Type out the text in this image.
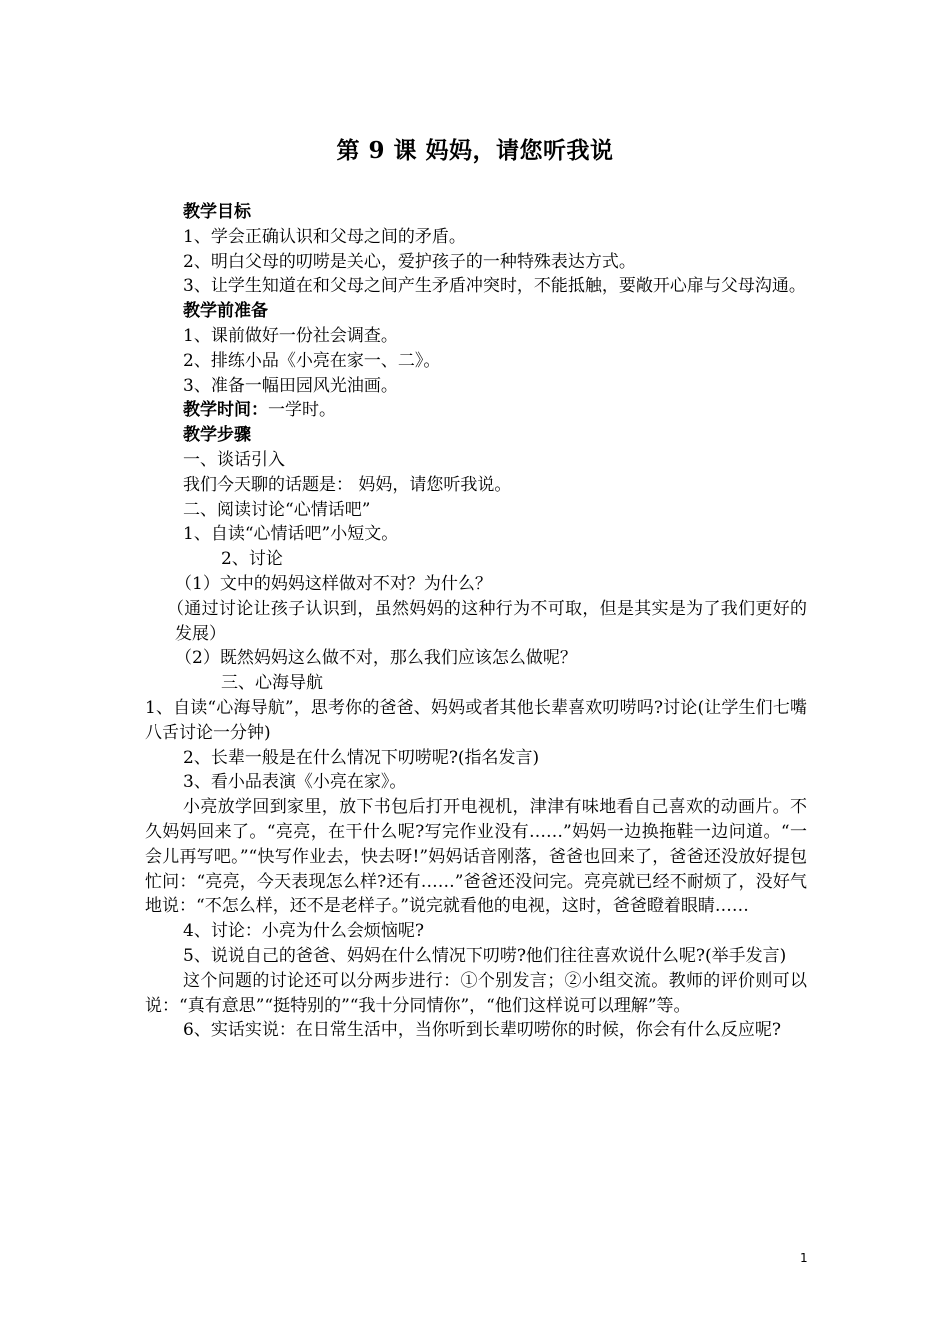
第 9 课 妈妈，请您听我说

教学目标

1、学会正确认识和父母之间的矛盾。

2、明白父母的叨唠是关心，爱护孩子的一种特殊表达方式。

3、让学生知道在和父母之间产生矛盾冲突时，不能抵触，要敞开心扉与父母沟通。

教学前准备

1、课前做好一份社会调查。

2、排练小品《小亮在家一、二》。

3、准备一幅田园风光油画。

教学时间：一学时。

教学步骤

一、谈话引入

我们今天聊的话题是： 妈妈，请您听我说。

二、阅读讨论“心情话吧”

1、自读“心情话吧”小短文。

2、讨论

（1）文中的妈妈这样做对不对？为什么？

（通过讨论让孩子认识到，虽然妈妈的这种行为不可取，但是其实是为了我们更好的发展）

（2）既然妈妈这么做不对，那么我们应该怎么做呢？

三、心海导航

1、自读“心海导航”，思考你的爸爸、妈妈或者其他长辈喜欢叨唠吗?讨论(让学生们七嘴八舌讨论一分钟)

2、长辈一般是在什么情况下叨唠呢?(指名发言)

3、看小品表演《小亮在家》。

小亮放学回到家里，放下书包后打开电视机，津津有味地看自己喜欢的动画片。不久妈妈回来了。“亮亮，在干什么呢?写完作业没有……”妈妈一边换拖鞋一边问道。“一会儿再写吧。”“快写作业去，快去呀!”妈妈话音刚落，爸爸也回来了，爸爸还没放好提包忙问：“亮亮，今天表现怎么样?还有……”爸爸还没问完。亮亮就已经不耐烦了，没好气地说：“不怎么样，还不是老样子。”说完就看他的电视，这时，爸爸瞪着眼睛……

4、讨论：小亮为什么会烦恼呢?

5、说说自己的爸爸、妈妈在什么情况下叨唠?他们往往喜欢说什么呢?(举手发言)

这个问题的讨论还可以分两步进行：①个别发言；②小组交流。教师的评价则可以说：“真有意思”“挺特别的”“我十分同情你”，“他们这样说可以理解”等。

6、实话实说：在日常生活中，当你听到长辈叨唠你的时候，你会有什么反应呢?

1
